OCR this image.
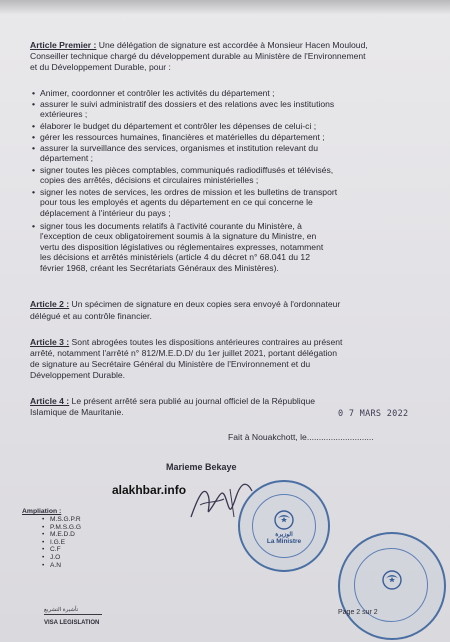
Article Premier : Une délégation de signature est accordée à Monsieur Hacen Mouloud,
Conseiller technique chargé du développement durable au Ministère de l'Environnement
et du Développement Durable, pour :
• Animer, coordonner et contrôler les activités du département ;
• assurer le suivi administratif des dossiers et des relations avec les institutions
extérieures ;
• élaborer le budget du département et contrôler les dépenses de celui-ci ;
• gérer les ressources humaines, financières et matérielles du département ;
• assurer la surveillance des services, organismes et institution relevant du
département ;
• signer toutes les pièces comptables, communiqués radiodiffusés et télévisés,
copies des arrêtés, décisions et circulaires ministérielles ;
• signer les notes de services, les ordres de mission et les bulletins de transport
pour tous les employés et agents du département en ce qui concerne le
déplacement à l'intérieur du pays ;
• signer tous les documents relatifs à l'activité courante du Ministère, à
l'exception de ceux obligatoirement soumis à la signature du Ministre, en
vertu des disposition législatives ou réglementaires expresses, notamment
les décisions et arrêtés ministériels (article 4 du décret n° 68.041 du 12
février 1968, créant les Secrétariats Généraux des Ministères).
Article 2 : Un spécimen de signature en deux copies sera envoyé à l'ordonnateur
délégué et au contrôle financier.
Article 3 : Sont abrogées toutes les dispositions antérieures contraires au présent
arrêté, notamment l'arrêté n° 812/M.E.D.D/ du 1er juillet 2021, portant délégation
de signature au Secrétaire Général du Ministère de l'Environnement et du
Développement Durable.
Article 4 : Le présent arrêté sera publié au journal officiel de la République
Islamique de Mauritanie.	0 7 MARS 2022
Fait à Nouakchott, le............................
Marieme Bekaye
alakhbar.info
الوزيرة
La Ministre
Ampliation :
• M.S.G.P.R
• P.M.S.G.G
• M.E.D.D
• I.G.E
• C.F
• J.O
• A.N
تأشيرة التشريع
VISA LEGISLATION
Page 2 sur 2
